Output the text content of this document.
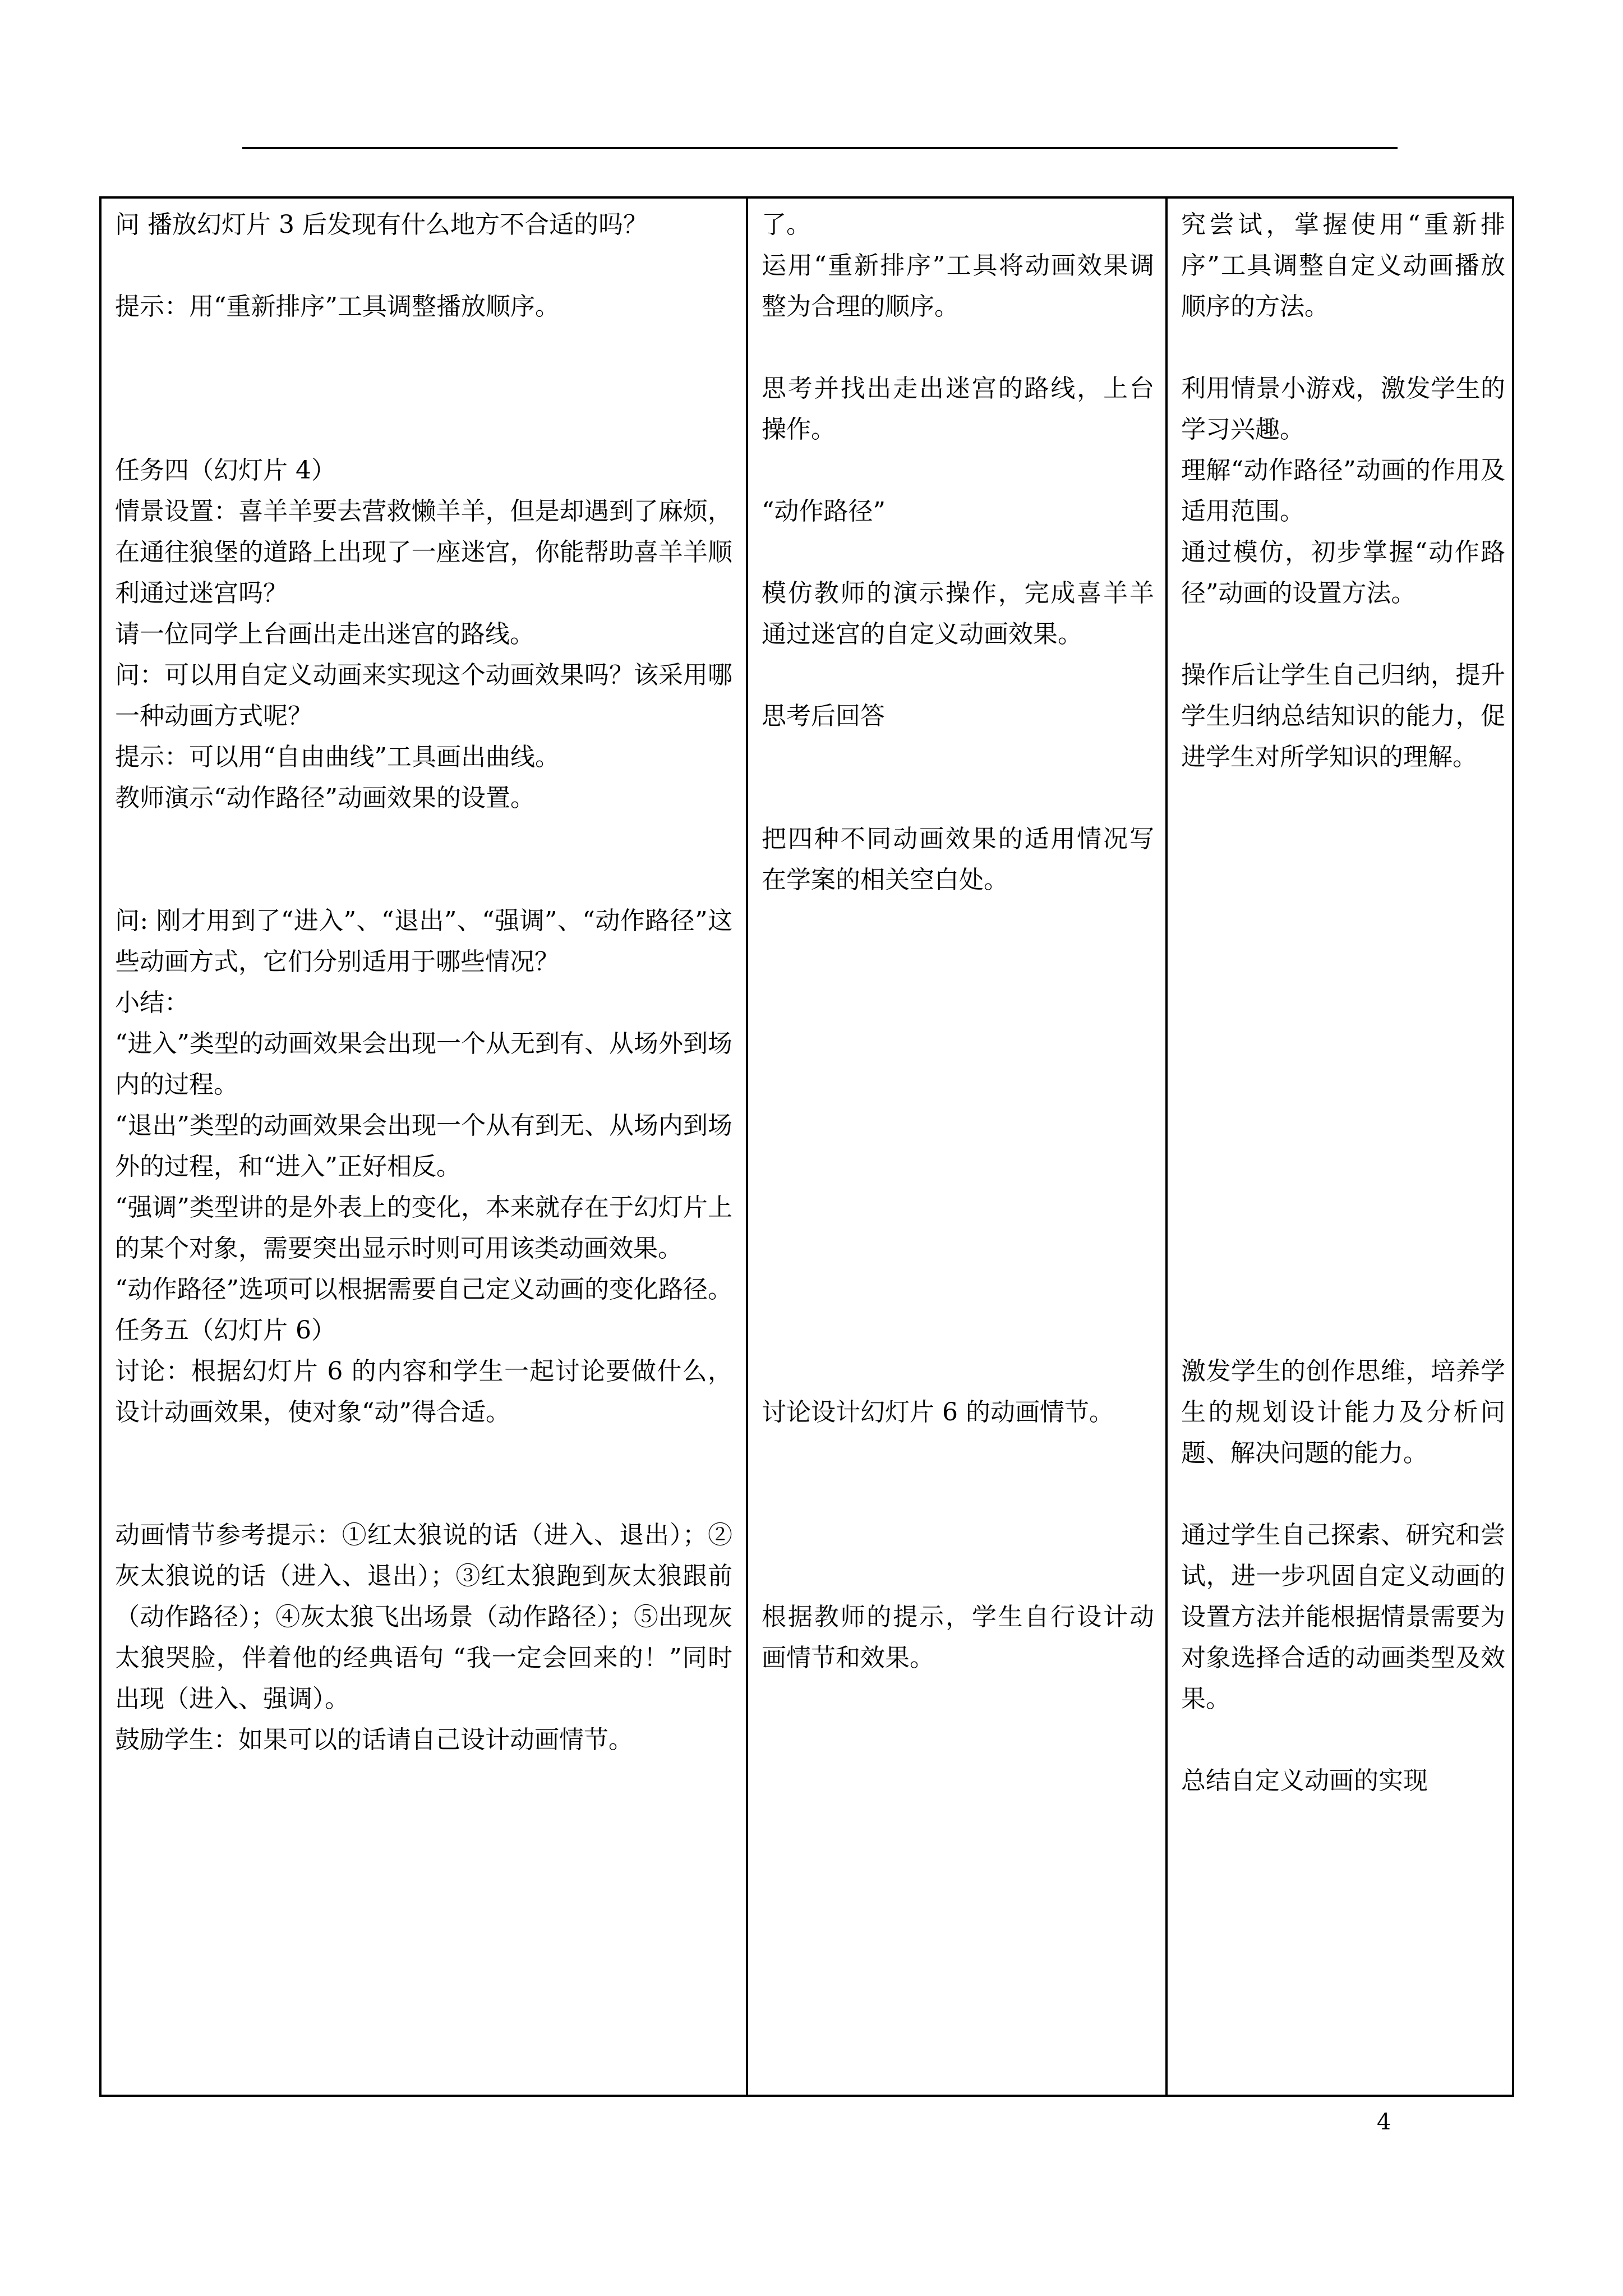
问 播放幻灯片 3 后发现有什么地方不合适的吗？

提示：用“重新排序”工具调整播放顺序。

任务四（幻灯片 4）

情景设置：喜羊羊要去营救懒羊羊，但是却遇到了麻烦，在通往狼堡的道路上出现了一座迷宫，你能帮助喜羊羊顺利通过迷宫吗？

请一位同学上台画出走出迷宫的路线。

问：可以用自定义动画来实现这个动画效果吗？该采用哪一种动画方式呢？

提示：可以用“自由曲线”工具画出曲线。

教师演示“动作路径”动画效果的设置。

问: 刚才用到了“进入”、“退出”、“强调”、“动作路径”这些动画方式，它们分别适用于哪些情况？

小结：

“进入”类型的动画效果会出现一个从无到有、从场外到场内的过程。

“退出”类型的动画效果会出现一个从有到无、从场内到场外的过程，和“进入”正好相反。

“强调”类型讲的是外表上的变化，本来就存在于幻灯片上的某个对象，需要突出显示时则可用该类动画效果。

“动作路径”选项可以根据需要自己定义动画的变化路径。

任务五（幻灯片 6）

讨论：根据幻灯片 6 的内容和学生一起讨论要做什么，设计动画效果，使对象“动”得合适。

动画情节参考提示：①红太狼说的话（进入、退出）；②灰太狼说的话（进入、退出）；③红太狼跑到灰太狼跟前（动作路径）；④灰太狼飞出场景（动作路径）；⑤出现灰太狼哭脸，伴着他的经典语句 “我一定会回来的！”同时出现（进入、强调）。

鼓励学生：如果可以的话请自己设计动画情节。

了。

运用“重新排序”工具将动画效果调整为合理的顺序。

思考并找出走出迷宫的路线，上台操作。

“动作路径”

模仿教师的演示操作，完成喜羊羊通过迷宫的自定义动画效果。

思考后回答

把四种不同动画效果的适用情况写在学案的相关空白处。

讨论设计幻灯片 6 的动画情节。

根据教师的提示，学生自行设计动画情节和效果。

究尝试，掌握使用“重新排序”工具调整自定义动画播放顺序的方法。

利用情景小游戏，激发学生的学习兴趣。

理解“动作路径”动画的作用及适用范围。

通过模仿，初步掌握“动作路径”动画的设置方法。

操作后让学生自己归纳，提升学生归纳总结知识的能力，促进学生对所学知识的理解。

激发学生的创作思维，培养学生的规划设计能力及分析问题、解决问题的能力。

通过学生自己探索、研究和尝试，进一步巩固自定义动画的设置方法并能根据情景需要为对象选择合适的动画类型及效果。

总结自定义动画的实现

4
